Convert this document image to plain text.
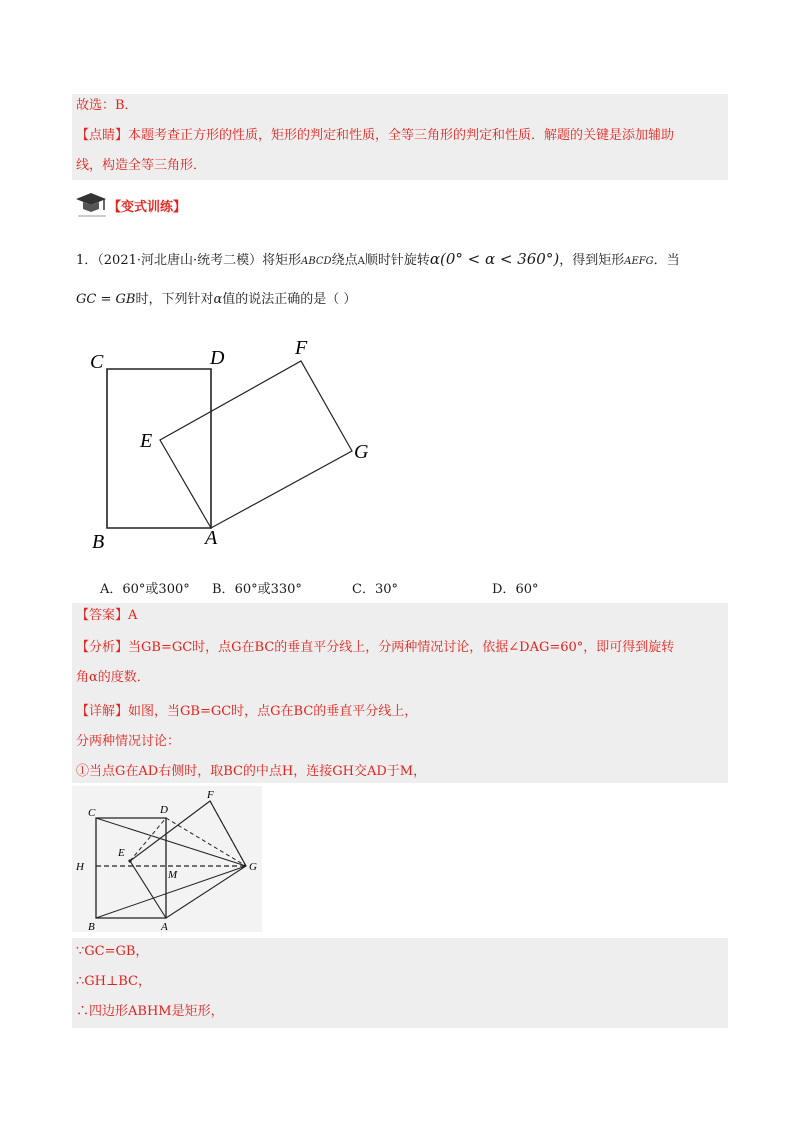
故选：B．
【点睛】本题考查正方形的性质，矩形的判定和性质，全等三角形的判定和性质．解题的关键是添加辅助
线，构造全等三角形．
【变式训练】
1．（2021·河北唐山·统考二模）将矩形ABCD绕点A顺时针旋转α(0° < α < 360°)，得到矩形AEFG．当
GC = GB时，下列针对α值的说法正确的是（ ）
C	D	F
E	G
B	A
A．60°或300° B．60°或330°	C．30°	D．60°
【答案】A
【分析】当GB=GC时，点G在BC的垂直平分线上，分两种情况讨论，依据∠DAG=60°，即可得到旋转
角α的度数．
【详解】如图，当GB=GC时，点G在BC的垂直平分线上，
分两种情况讨论：
①当点G在AD右侧时，取BC的中点H，连接GH交AD于M，
C	D
F
H
E
M
G
B	A
∵GC=GB，
∴GH⊥BC，
∴四边形ABHM是矩形，
